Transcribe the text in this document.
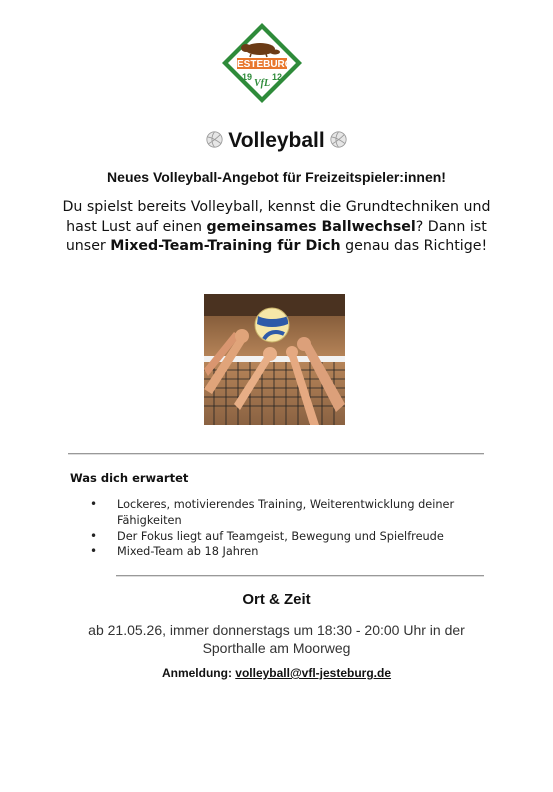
JESTEBURG
19 12
VfL
Volleyball
Neues Volleyball-Angebot für Freizeitspieler:innen!
Du spielst bereits Volleyball, kennst die Grundtechniken und hast Lust auf einen gemeinsames Ballwechsel? Dann ist unser Mixed-Team-Training für Dich genau das Richtige!
Was dich erwartet
• Lockeres, motivierendes Training, Weiterentwicklung deiner Fähigkeiten
• Der Fokus liegt auf Teamgeist, Bewegung und Spielfreude
• Mixed-Team ab 18 Jahren
Ort & Zeit
ab 21.05.26, immer donnerstags um 18:30 - 20:00 Uhr in der Sporthalle am Moorweg
Anmeldung: volleyball@vfl-jesteburg.de
